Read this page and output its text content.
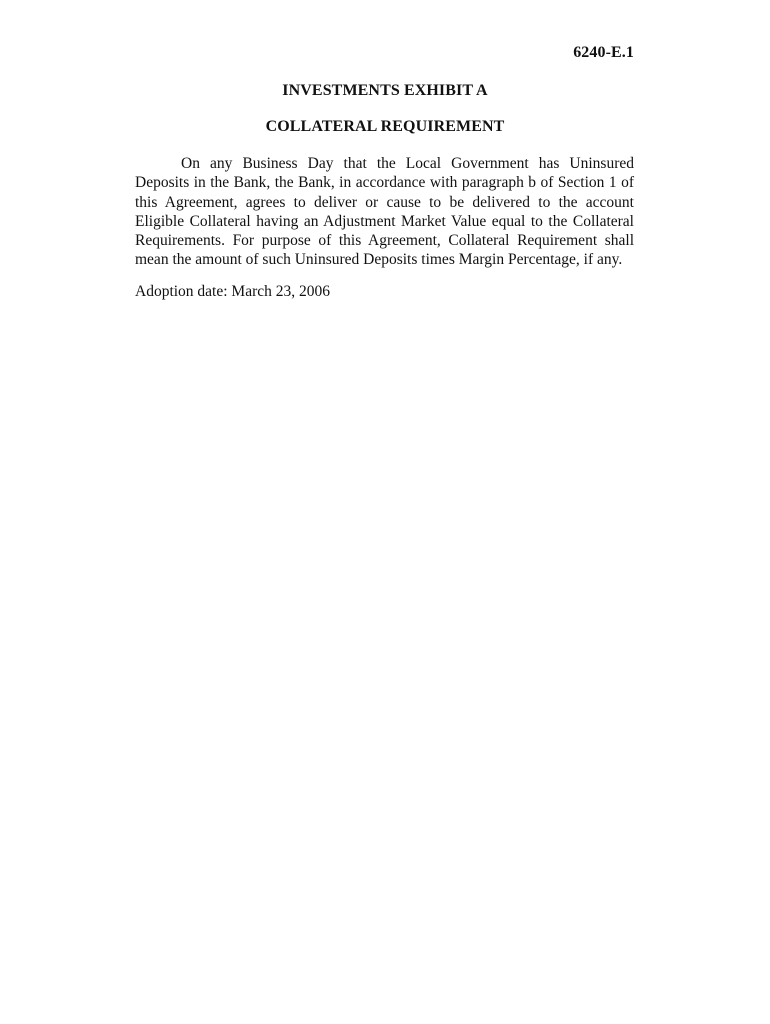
6240-E.1
INVESTMENTS EXHIBIT A
COLLATERAL REQUIREMENT

On any Business Day that the Local Government has Uninsured Deposits in the Bank, the Bank, in accordance with paragraph b of Section 1 of this Agreement, agrees to deliver or cause to be delivered to the account Eligible Collateral having an Adjustment Market Value equal to the Collateral Requirements. For purpose of this Agreement, Collateral Requirement shall mean the amount of such Uninsured Deposits times Margin Percentage, if any.

Adoption date: March 23, 2006
